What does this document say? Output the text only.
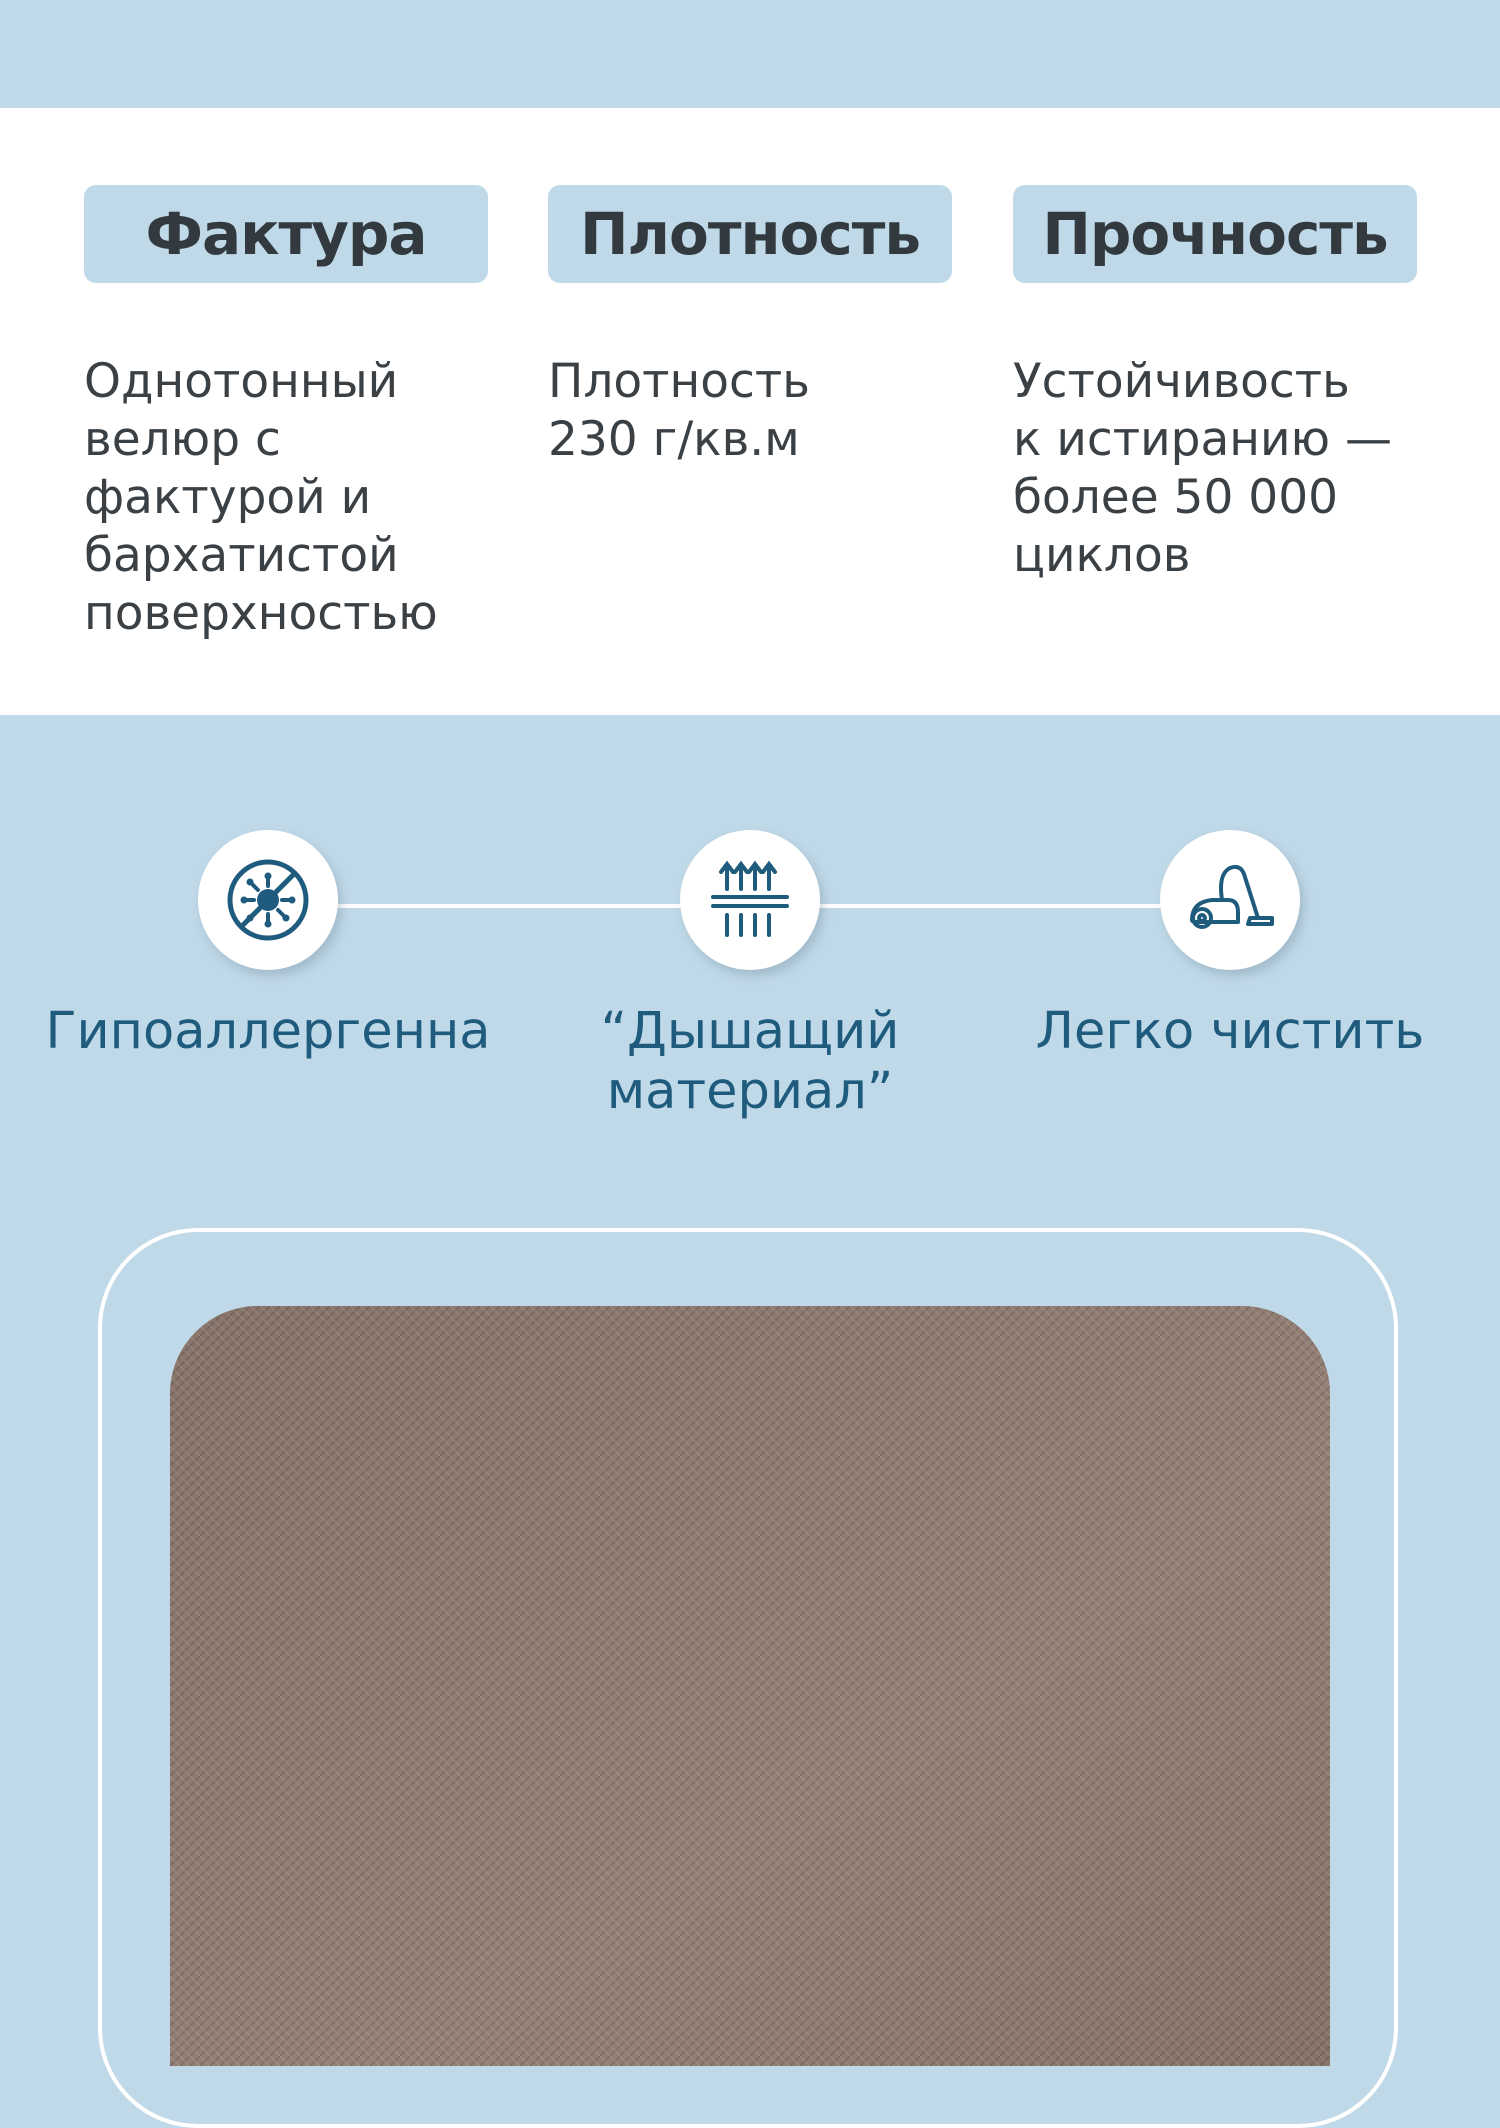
Фактура
Однотонный
велюр с
фактурой и
бархатистой
поверхностью
Плотность
Плотность
230 г/кв.м
Прочность
Устойчивость
к истиранию —
более 50 000
циклов
Гипоаллергенна	“Дышащий
материал”
Легко чистить
